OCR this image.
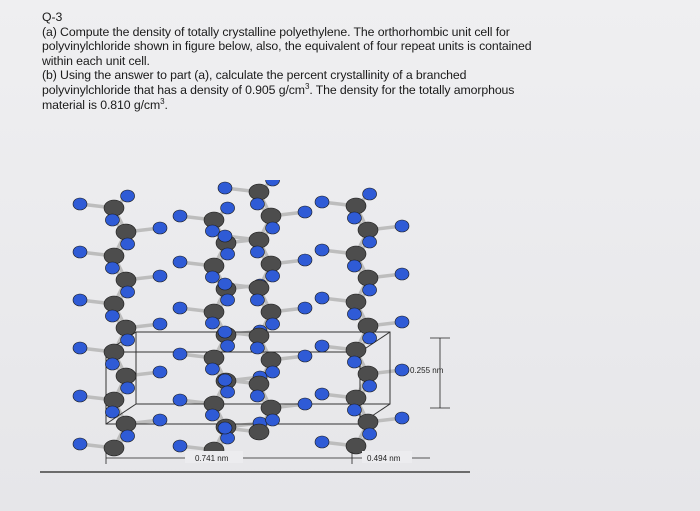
Q-3
(a) Compute the density of totally crystalline polyethylene. The orthorhombic unit cell for
polyvinylchloride shown in figure below, also, the equivalent of four repeat units is contained
within each unit cell.
(b) Using the answer to part (a), calculate the percent crystallinity of a branched
polyvinylchloride that has a density of 0.905 $g/cm^3$. The density for the totally amorphous
material is 0.810 $g/cm^3$.
0.255 nm
0.741 nm	0.494 nm
